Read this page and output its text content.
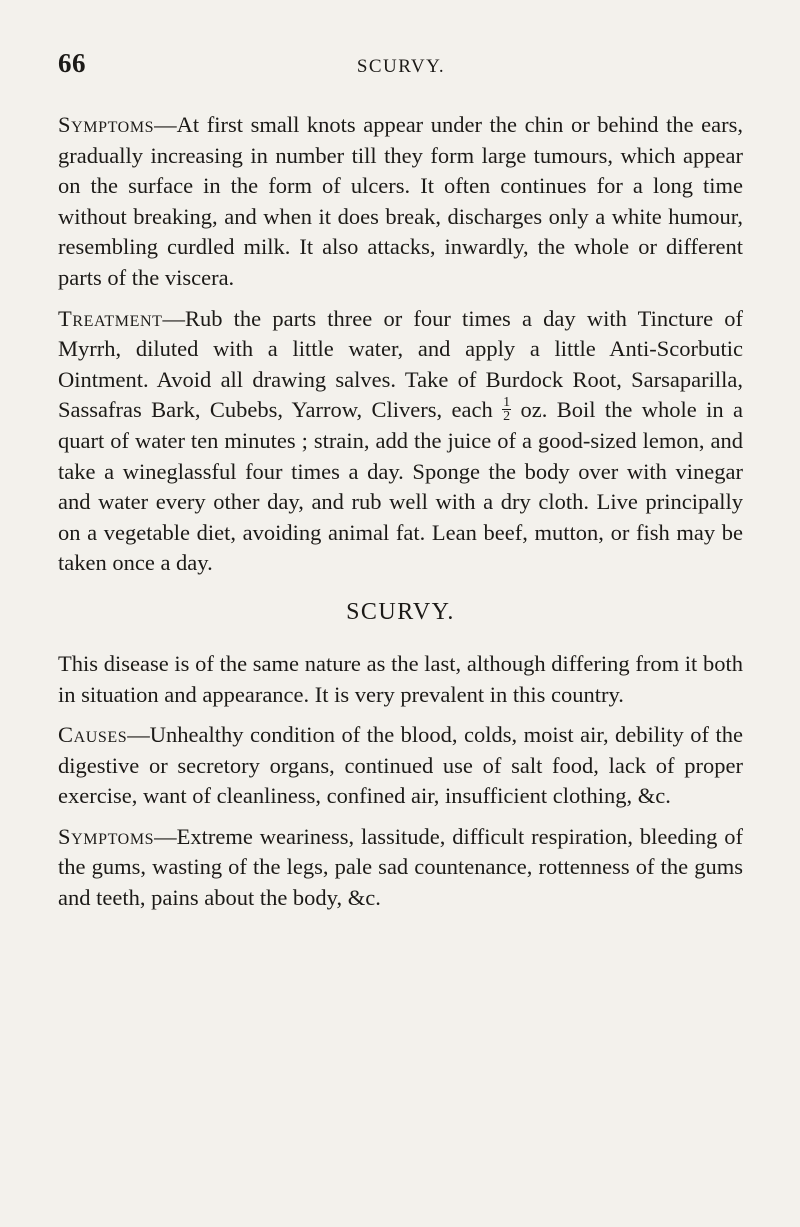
66	SCURVY.

Symptoms—At first small knots appear under the chin or behind the ears, gradually increasing in number till they form large tumours, which appear on the surface in the form of ulcers. It often continues for a long time without breaking, and when it does break, discharges only a white humour, resembling curdled milk. It also attacks, inwardly, the whole or different parts of the viscera.

Treatment—Rub the parts three or four times a day with Tincture of Myrrh, diluted with a little water, and apply a little Anti-Scorbutic Ointment. Avoid all drawing salves. Take of Burdock Root, Sarsaparilla, Sassafras Bark, Cubebs, Yarrow, Clivers, each $\frac{1}{2}$ oz. Boil the whole in a quart of water ten minutes ; strain, add the juice of a good-sized lemon, and take a wineglassful four times a day. Sponge the body over with vinegar and water every other day, and rub well with a dry cloth. Live principally on a vegetable diet, avoiding animal fat. Lean beef, mutton, or fish may be taken once a day.

SCURVY.

This disease is of the same nature as the last, although differing from it both in situation and appearance. It is very prevalent in this country.

Causes—Unhealthy condition of the blood, colds, moist air, debility of the digestive or secretory organs, continued use of salt food, lack of proper exercise, want of cleanliness, confined air, insufficient clothing, &c.

Symptoms—Extreme weariness, lassitude, difficult respiration, bleeding of the gums, wasting of the legs, pale sad countenance, rottenness of the gums and teeth, pains about the body, &c.
